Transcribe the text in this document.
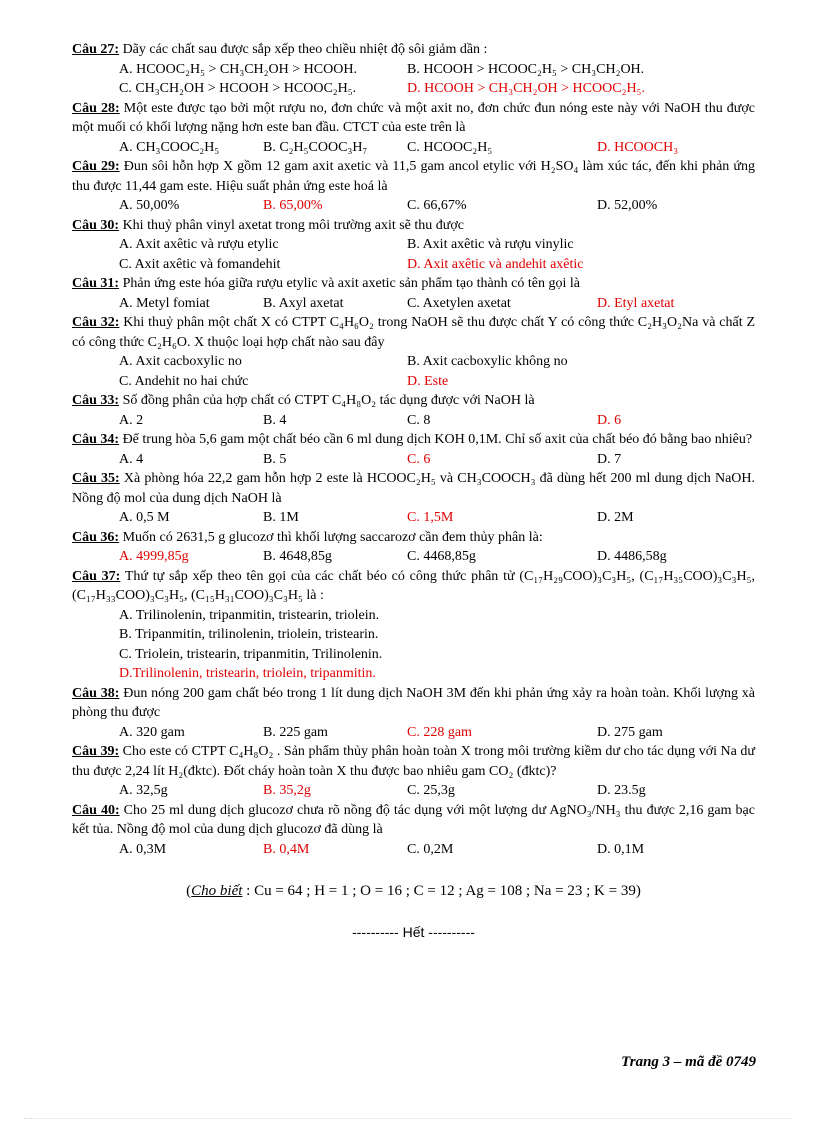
Câu 27: Dãy các chất sau được sắp xếp theo chiều nhiệt độ sôi giảm dần :
A. HCOOC₂H₅ > CH₃CH₂OH > HCOOH.	B. HCOOH > HCOOC₂H₅ > CH₃CH₂OH.
C. CH₃CH₂OH > HCOOH > HCOOC₂H₅.	D. HCOOH > CH₃CH₂OH > HCOOC₂H₅.
Câu 28: Một este được tạo bởi một rượu no, đơn chức và một axit no, đơn chức đun nóng este này với NaOH thu được một muối có khối lượng nặng hơn este ban đầu. CTCT của este trên là
A. CH₃COOC₂H₅	B. C₂H₅COOC₃H₇	C. HCOOC₂H₅	D. HCOOCH₃
Câu 29: Đun sôi hỗn hợp X gồm 12 gam axit axetic và 11,5 gam ancol etylic với H₂SO₄ làm xúc tác, đến khi phản ứng thu được 11,44 gam este. Hiệu suất phản ứng este hoá là
A. 50,00%	B. 65,00%	C. 66,67%	D. 52,00%
Câu 30: Khi thuỷ phân vinyl axetat trong môi trường axit sẽ thu được
A. Axit axêtic và rượu etylic	B. Axit axêtic và rượu vinylic
C. Axit axêtic và fomandehit	D. Axit axêtic và andehit axêtic
Câu 31: Phản ứng este hóa giữa rượu etylic và axit axetic sản phẩm tạo thành có tên gọi là
A. Metyl fomiat	B. Axyl axetat	C. Axetylen axetat	D. Etyl axetat
Câu 32: Khi thuỷ phân một chất X có CTPT C₄H₆O₂ trong NaOH sẽ thu được chất Y có công thức C₂H₃O₂Na và chất Z có công thức C₂H₆O. X thuộc loại hợp chất nào sau đây
A. Axit cacboxylic no	B. Axit cacboxylic không no
C. Andehit no hai chức	D. Este
Câu 33: Số đồng phân của hợp chất có CTPT C₄H₈O₂ tác dụng được với NaOH là
A. 2	B. 4	C. 8	D. 6
Câu 34: Để trung hòa 5,6 gam một chất béo cần 6 ml dung dịch KOH 0,1M. Chỉ số axit của chất béo đó bằng bao nhiêu?
A. 4	B. 5	C. 6	D. 7
Câu 35: Xà phòng hóa 22,2 gam hỗn hợp 2 este là HCOOC₂H₅ và CH₃COOCH₃ đã dùng hết 200 ml dung dịch NaOH. Nồng độ mol của dung dịch NaOH là
A. 0,5 M	B. 1M	C. 1,5M	D. 2M
Câu 36: Muốn có 2631,5 g glucozơ thì khối lượng saccarozơ cần đem thủy phân là:
A. 4999,85g	B. 4648,85g	C. 4468,85g	D. 4486,58g
Câu 37: Thứ tự sắp xếp theo tên gọi của các chất béo có công thức phân tử (C₁₇H₂₉COO)₃C₃H₅, (C₁₇H₃₅COO)₃C₃H₅, (C₁₇H₃₃COO)₃C₃H₅, (C₁₅H₃₁COO)₃C₃H₅ là :
A. Trilinolenin, tripanmitin, tristearin, triolein.
B. Tripanmitin, trilinolenin, triolein, tristearin.
C. Triolein, tristearin, tripanmitin, Trilinolenin.
D.Trilinolenin, tristearin, triolein, tripanmitin.
Câu 38: Đun nóng 200 gam chất béo trong 1 lít dung dịch NaOH 3M đến khi phản ứng xảy ra hoàn toàn. Khối lượng xà phòng thu được
A. 320 gam	B. 225 gam	C. 228 gam	D. 275 gam
Câu 39: Cho este có CTPT C₄H₈O₂ . Sản phẩm thủy phân hoàn toàn X trong môi trường kiềm dư cho tác dụng với Na dư thu được 2,24 lít H₂(đktc). Đốt cháy hoàn toàn X thu được bao nhiêu gam CO₂ (đktc)?
A. 32,5g	B. 35,2g	C. 25,3g	D. 23.5g
Câu 40: Cho 25 ml dung dịch glucozơ chưa rõ nồng độ tác dụng với một lượng dư AgNO₃/NH₃ thu được 2,16 gam bạc kết tủa. Nồng độ mol của dung dịch glucozơ đã dùng là
A. 0,3M	B. 0,4M	C. 0,2M	D. 0,1M
(Cho biết : Cu = 64 ; H = 1 ; O = 16 ; C = 12 ; Ag = 108 ; Na = 23 ; K = 39)
---------- Hết ----------
Trang 3 – mã đề 0749
